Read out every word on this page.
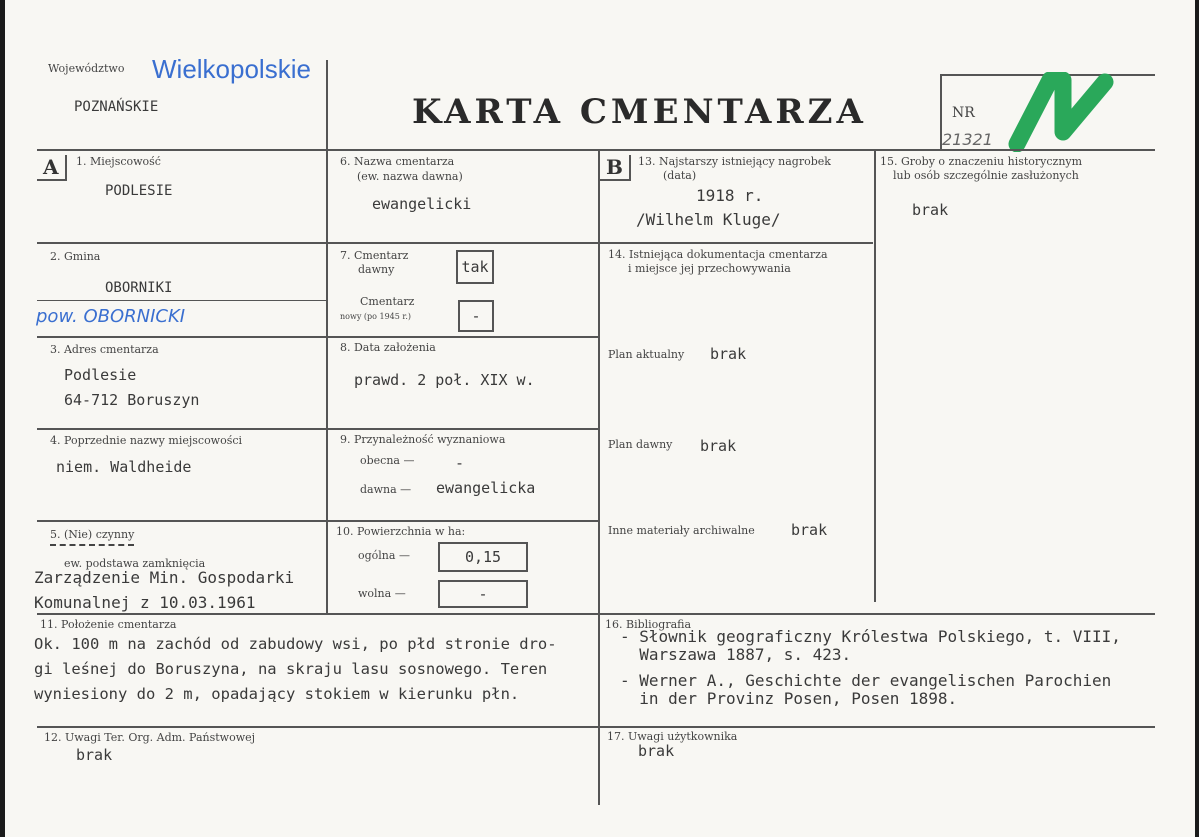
Województwo Wielkopolskie
POZNAŃSKIE	KARTA CMENTARZA	NR
21321
A	1. Miejscowość
PODLESIE
2. Gmina
OBORNIKI
pow. OBORNICKI
3. Adres cmentarza
Podlesie
64-712 Boruszyn
4. Poprzednie nazwy miejscowości
niem. Waldheide
5. (Nie) czynny
ew. podstawa zamknięcia
Zarządzenie Min. Gospodarki
Komunalnej z 10.03.1961
6. Nazwa cmentarza
(ew. nazwa dawna)
ewangelicki
7. Cmentarz
dawny	tak
Cmentarz
nowy (po 1945 r.)	-
8. Data założenia
prawd. 2 poł. XIX w.
9. Przynależność wyznaniowa
obecna —	-
dawna — ewangelicka
10. Powierzchnia w ha:
ogólna —	0,15
wolna —	-
11. Położenie cmentarza
Ok. 100 m na zachód od zabudowy wsi, po płd stronie dro-
gi leśnej do Boruszyna, na skraju lasu sosnowego. Teren
wyniesiony do 2 m, opadający stokiem w kierunku płn.
12. Uwagi Ter. Org. Adm. Państwowej
brak
B	13. Najstarszy istniejący nagrobek
(data)
1918 r.
/Wilhelm Kluge/
14. Istniejąca dokumentacja cmentarza
i miejsce jej przechowywania
Plan aktualny brak
Plan dawny brak
Inne materiały archiwalne brak
15. Groby o znaczeniu historycznym
lub osób szczególnie zasłużonych
brak
16. Bibliografia
- Słownik geograficzny Królestwa Polskiego, t. VIII,
Warszawa 1887, s. 423.
- Werner A., Geschichte der evangelischen Parochien
in der Provinz Posen, Posen 1898.
17. Uwagi użytkownika
brak
